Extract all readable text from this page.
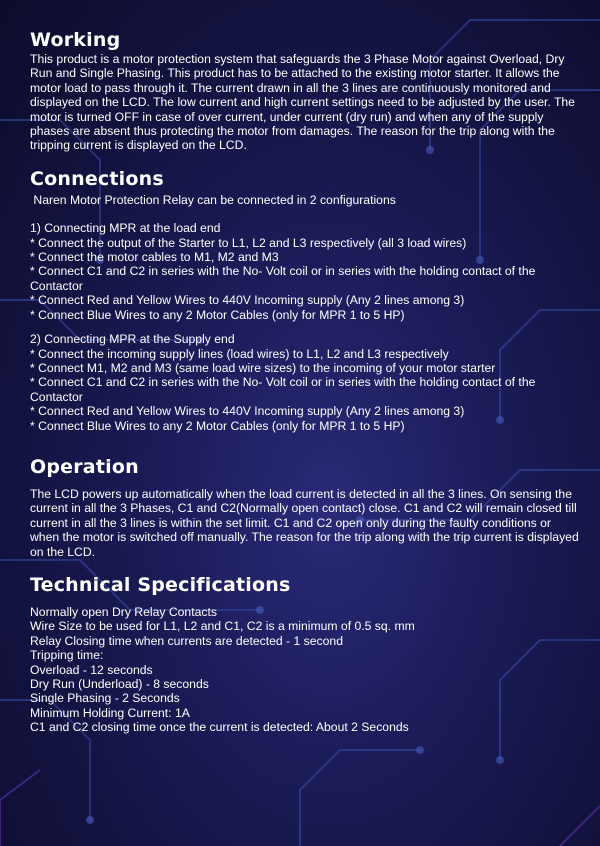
Working

This product is a motor protection system that safeguards the 3 Phase Motor against Overload, Dry Run and Single Phasing. This product has to be attached to the existing motor starter. It allows the motor load to pass through it. The current drawn in all the 3 lines are continuously monitored and displayed on the LCD. The low current and high current settings need to be adjusted by the user. The motor is turned OFF in case of over current, under current (dry run) and when any of the supply phases are absent thus protecting the motor from damages. The reason for the trip along with the tripping current is displayed on the LCD.

Connections
Naren Motor Protection Relay can be connected in 2 configurations
1) Connecting MPR at the load end
* Connect the output of the Starter to L1, L2 and L3 respectively (all 3 load wires)
* Connect the motor cables to M1, M2 and M3
* Connect C1 and C2 in series with the No- Volt coil or in series with the holding contact of the Contactor
* Connect Red and Yellow Wires to 440V Incoming supply (Any 2 lines among 3)
* Connect Blue Wires to any 2 Motor Cables (only for MPR 1 to 5 HP)
2) Connecting MPR at the Supply end
* Connect the incoming supply lines (load wires) to L1, L2 and L3 respectively
* Connect M1, M2 and M3 (same load wire sizes) to the incoming of your motor starter
* Connect C1 and C2 in series with the No- Volt coil or in series with the holding contact of the Contactor
* Connect Red and Yellow Wires to 440V Incoming supply (Any 2 lines among 3)
* Connect Blue Wires to any 2 Motor Cables (only for MPR 1 to 5 HP)
Operation

The LCD powers up automatically when the load current is detected in all the 3 lines. On sensing the current in all the 3 Phases, C1 and C2(Normally open contact) close. C1 and C2 will remain closed till current in all the 3 lines is within the set limit. C1 and C2 open only during the faulty conditions or when the motor is switched off manually. The reason for the trip along with the trip current is displayed on the LCD.

Technical Specifications
Normally open Dry Relay Contacts
Wire Size to be used for L1, L2 and C1, C2 is a minimum of 0.5 sq. mm
Relay Closing time when currents are detected - 1 second
Tripping time:
Overload - 12 seconds
Dry Run (Underload) - 8 seconds
Single Phasing - 2 Seconds
Minimum Holding Current: 1A
C1 and C2 closing time once the current is detected: About 2 Seconds
